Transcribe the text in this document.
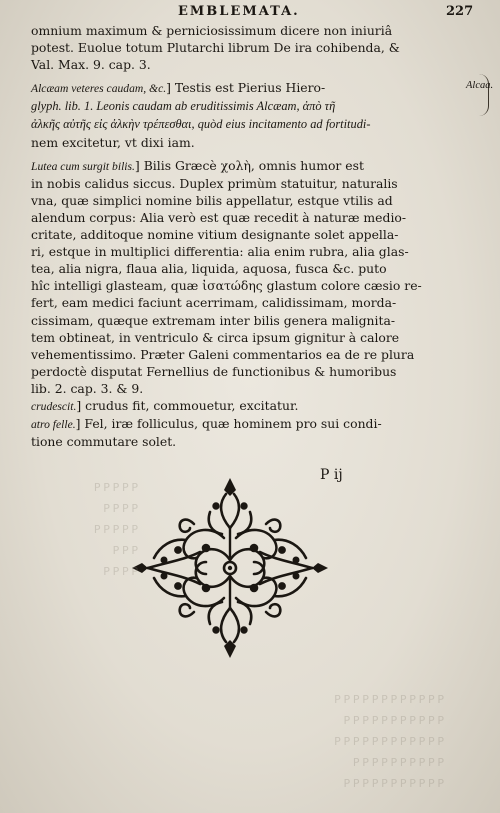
EMBLEMATA.	227
Alcaa.

omnium maximum & perniciosissimum dicere non iniuriâ
potest. Euolue totum Plutarchi librum De ira cohibenda, &
Val. Max. 9. cap. 3.

Alcæam veteres caudam, &c.] Testis est Pierius Hiero-
glyph. lib. 1. Leonis caudam ab eruditissimis Alcæam, ἀπὸ τῆ
ἀλκῆς αὐτῆς εἰς ἀλκὴν τρέπεσθαι, quòd eius incitamento ad fortitudi-
nem excitetur, vt dixi iam.

Lutea cum surgit bilis.] Bilis Græcè χολὴ, omnis humor est
in nobis calidus siccus. Duplex primùm statuitur, naturalis
vna, quæ simplici nomine bilis appellatur, estque vtilis ad
alendum corpus: Alia verò est quæ recedit à naturæ medio-
critate, additoque nomine vitium designante solet appella-
ri, estque in multiplici differentia: alia enim rubra, alia glas-
tea, alia nigra, flaua alia, liquida, aquosa, fusca &c. puto
hîc intelligi glasteam, quæ ἰσατώδης glastum colore cæsio re-
fert, eam medici faciunt acerrimam, calidissimam, morda-
cissimam, quæque extremam inter bilis genera malignita-
tem obtineat, in ventriculo & circa ipsum gignitur à calore
vehementissimo. Præter Galeni commentarios ea de re plura
perdoctè disputat Fernellius de functionibus & humoribus
lib. 2. cap. 3. & 9.

crudescit.] crudus fit, commouetur, excitatur.

atro felle.] Fel, iræ folliculus, quæ hominem pro sui condi-
tione commutare solet.

P ij
ꟼ ꟼ ꟼ ꟼ ꟼ
ꟼ ꟼ ꟼ ꟼ
ꟼ ꟼ ꟼ ꟼ ꟼ
ꟼ ꟼ ꟼ
ꟼ ꟼ ꟼ ꟼ
ꟼ ꟼ ꟼ ꟼ ꟼ ꟼ ꟼ ꟼ ꟼ ꟼ ꟼ ꟼ
ꟼ ꟼ ꟼ ꟼ ꟼ ꟼ ꟼ ꟼ ꟼ ꟼ ꟼ
ꟼ ꟼ ꟼ ꟼ ꟼ ꟼ ꟼ ꟼ ꟼ ꟼ ꟼ ꟼ
ꟼ ꟼ ꟼ ꟼ ꟼ ꟼ ꟼ ꟼ ꟼ ꟼ
ꟼ ꟼ ꟼ ꟼ ꟼ ꟼ ꟼ ꟼ ꟼ ꟼ ꟼ
